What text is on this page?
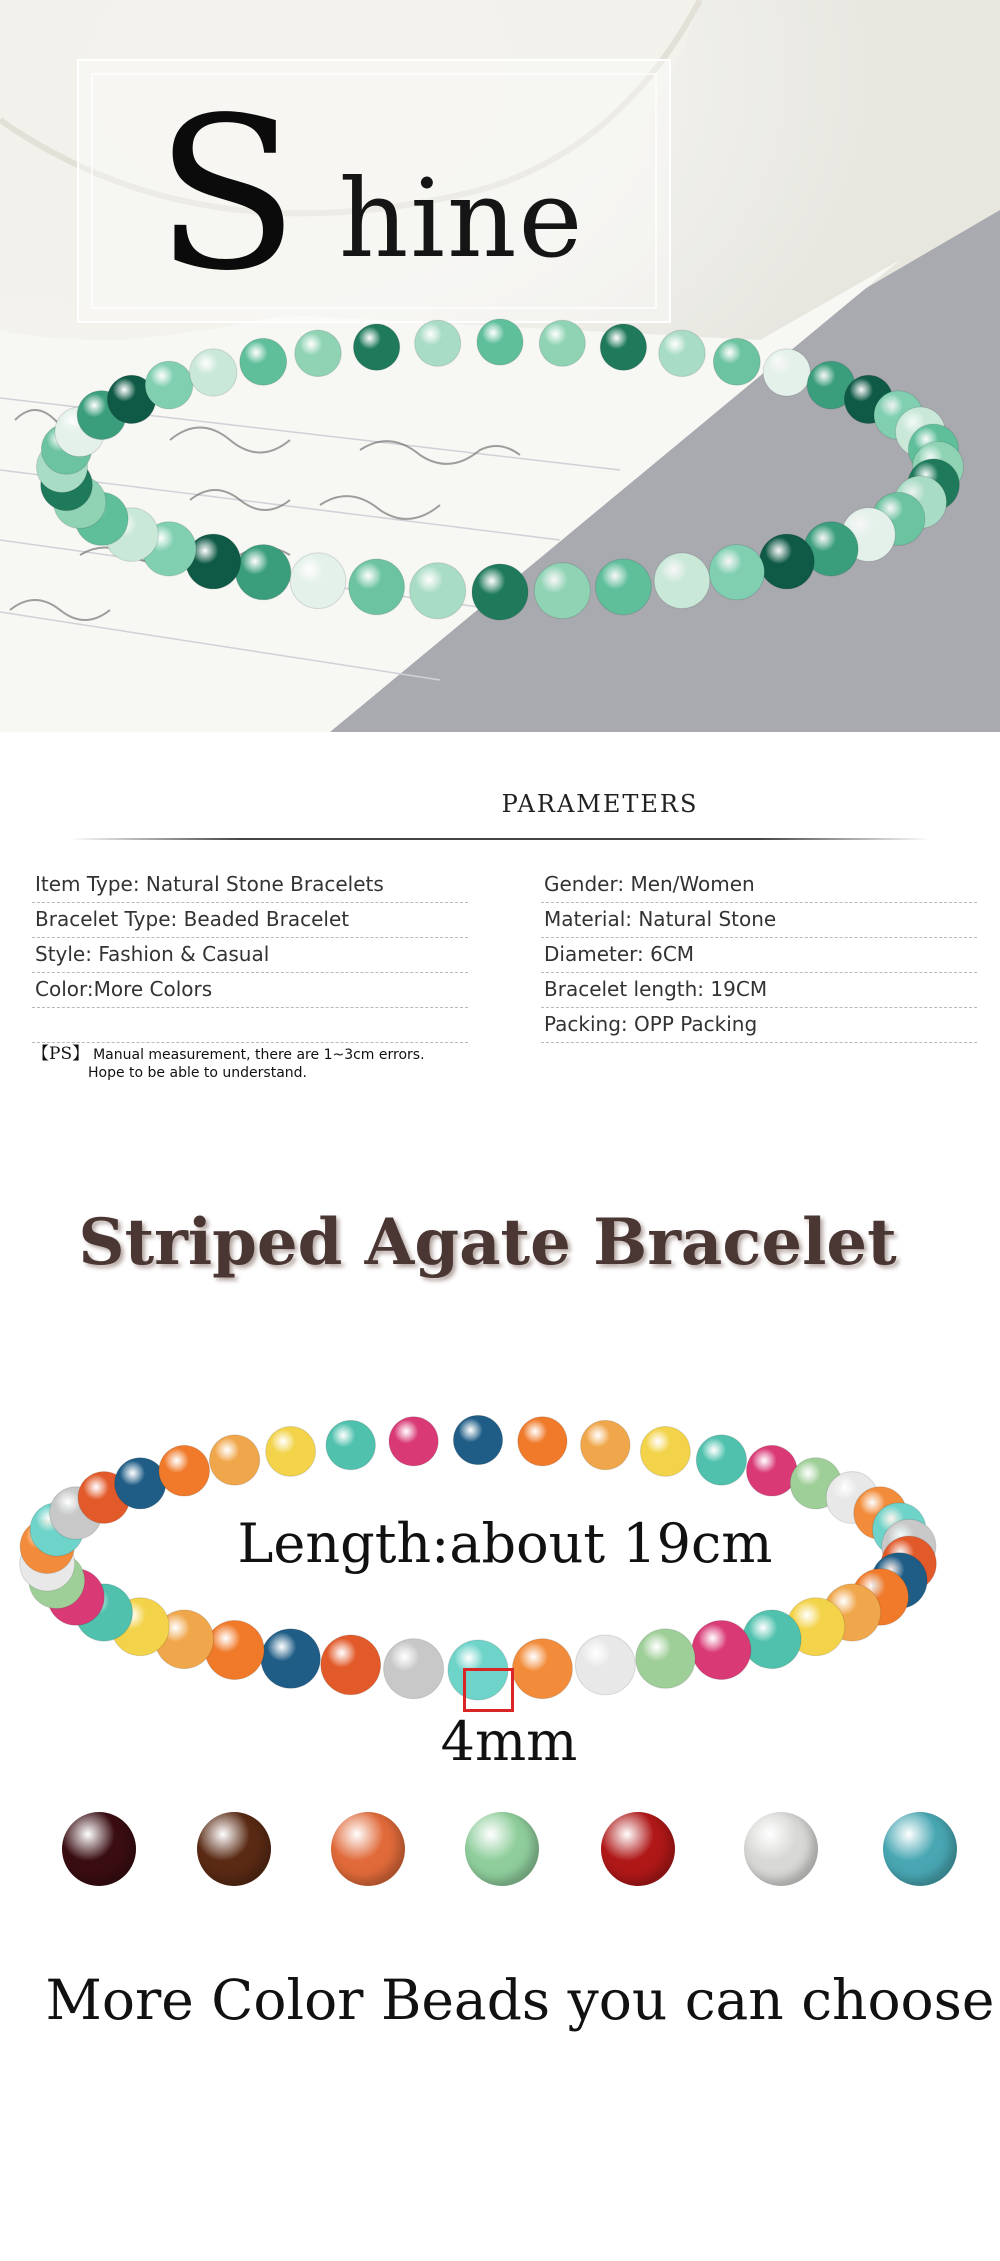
S hine
PARAMETERS
Item Type: Natural Stone Bracelets
Bracelet Type: Beaded Bracelet
Style: Fashion & Casual
Color:More Colors
Gender: Men/Women
Material: Natural Stone
Diameter: 6CM
Bracelet length: 19CM
Packing: OPP Packing
【PS】 Manual measurement, there are 1~3cm errors.
Hope to be able to understand.
Striped Agate Bracelet
Length:about 19cm
4mm
More Color Beads you can choose
